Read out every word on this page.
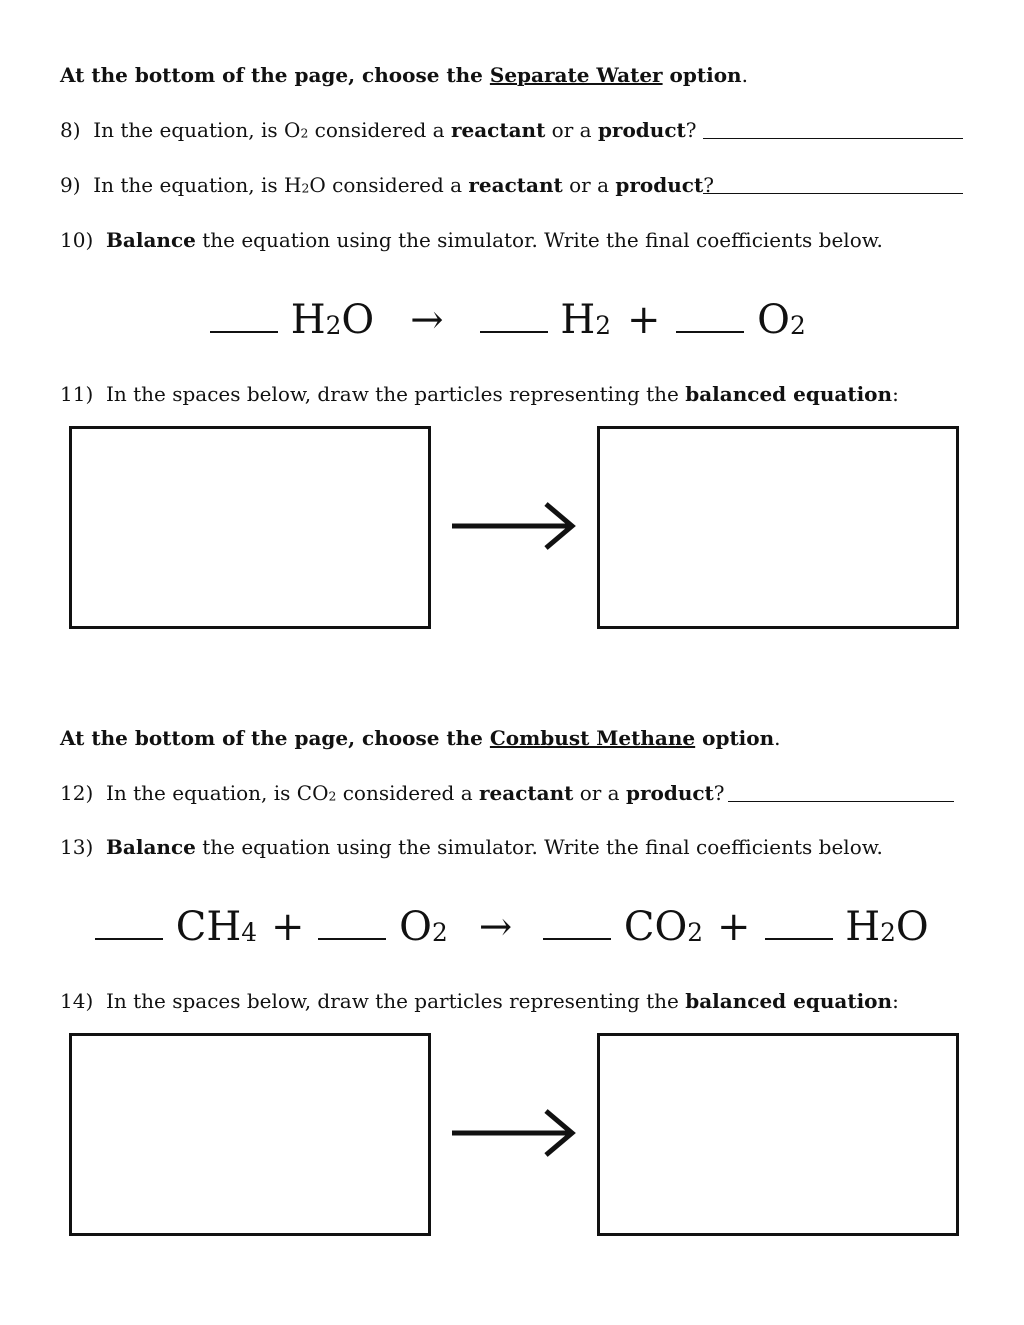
At the bottom of the page, choose the Separate Water option.
8) In the equation, is $O_2$ considered a reactant or a product?
9) In the equation, is $H_2O$ considered a reactant or a product?
10) Balance the equation using the simulator. Write the final coefficients below.
$H_2O$ →	$H_2 + O_2$
11) In the spaces below, draw the particles representing the balanced equation:
At the bottom of the page, choose the Combust Methane option.
12) In the equation, is $CO_2$ considered a reactant or a product?
13) Balance the equation using the simulator. Write the final coefficients below.
$CH_4 + O_2$ →	$CO_2 + H_2O$
14) In the spaces below, draw the particles representing the balanced equation:
